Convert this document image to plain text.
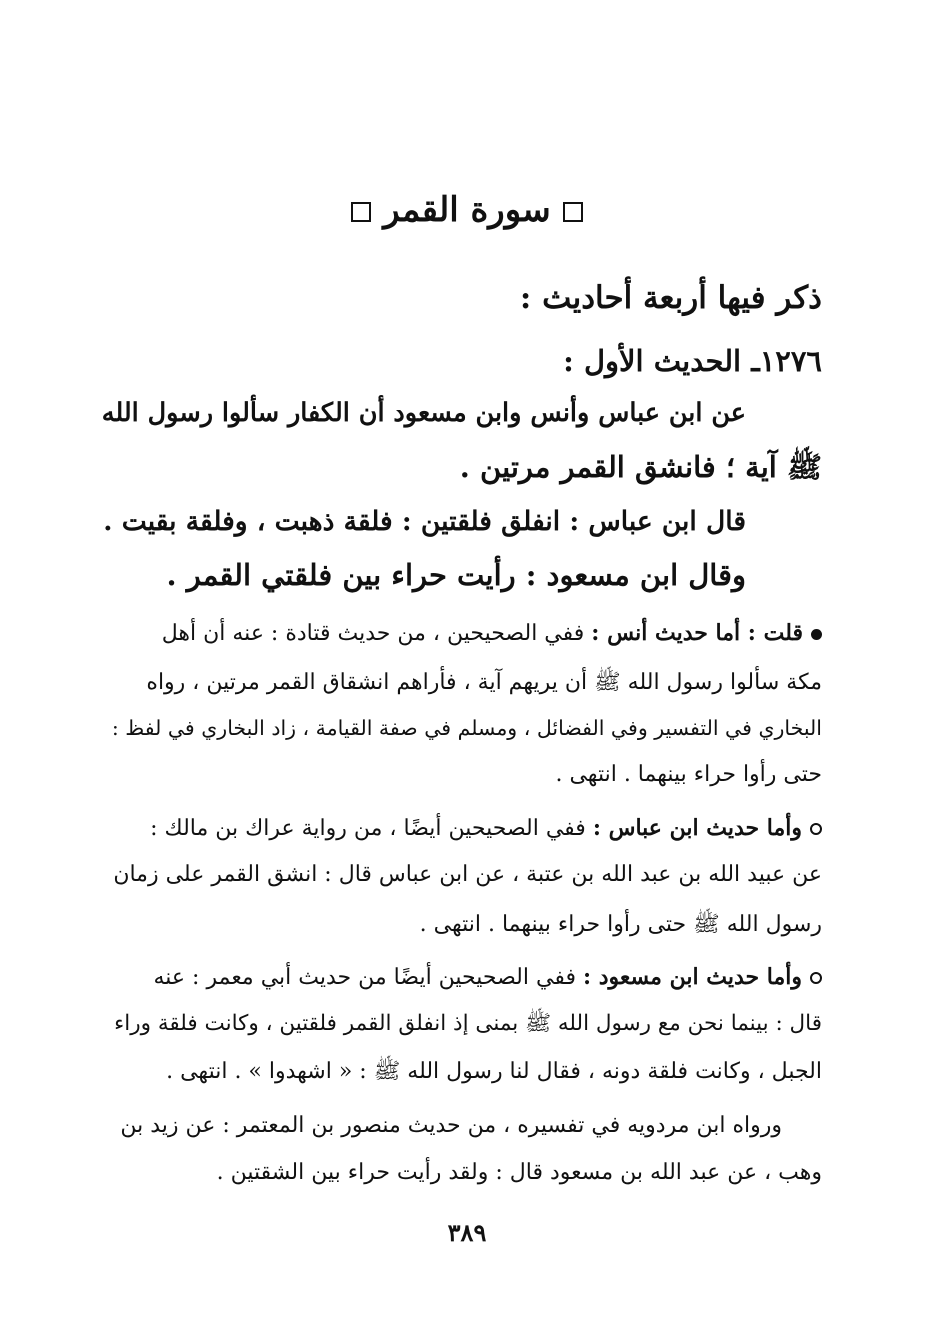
سورة القمر
ذكر فيها أربعة أحاديث :
١٢٧٦ـ الحديث الأول :
عن ابن عباس وأنس وابن مسعود أن الكفار سألوا رسول الله
ﷺ آية ؛ فانشق القمر مرتين .
قال ابن عباس : انفلق فلقتين : فلقة ذهبت ، وفلقة بقيت .
وقال ابن مسعود : رأيت حراء بين فلقتي القمر .
قلت : أما حديث أنس : ففي الصحيحين ، من حديث قتادة : عنه أن أهل
مكة سألوا رسول الله ﷺ أن يريهم آية ، فأراهم انشقاق القمر مرتين ، رواه
البخاري في التفسير وفي الفضائل ، ومسلم في صفة القيامة ، زاد البخاري في لفظ :
حتى رأوا حراء بينهما . انتهى .
وأما حديث ابن عباس : ففي الصحيحين أيضًا ، من رواية عراك بن مالك :
عن عبيد الله بن عبد الله بن عتبة ، عن ابن عباس قال : انشق القمر على زمان
رسول الله ﷺ حتى رأوا حراء بينهما . انتهى .
وأما حديث ابن مسعود : ففي الصحيحين أيضًا من حديث أبي معمر : عنه
قال : بينما نحن مع رسول الله ﷺ بمنى إذ انفلق القمر فلقتين ، وكانت فلقة وراء
الجبل ، وكانت فلقة دونه ، فقال لنا رسول الله ﷺ : « اشهدوا » . انتهى .
ورواه ابن مردويه في تفسيره ، من حديث منصور بن المعتمر : عن زيد بن
وهب ، عن عبد الله بن مسعود قال : ولقد رأيت حراء بين الشقتين .
٣٨٩
